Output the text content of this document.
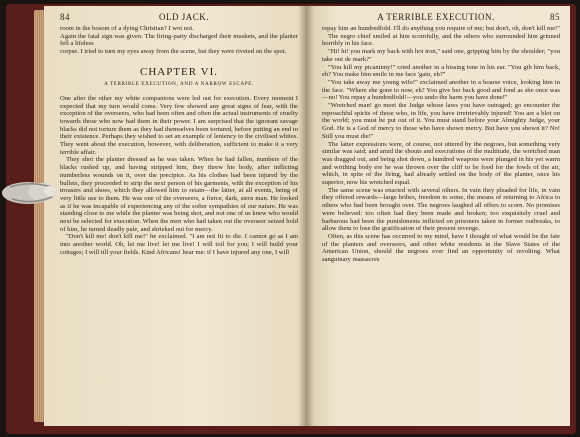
84	OLD JACK.

room in the bosom of a dying Christian? I wot not.

Again the fatal sign was given. The firing-party discharged their muskets, and the planter fell a lifeless

corpse. I tried to turn my eyes away from the scene, but they were riveted on the spot.

CHAPTER VI.
A TERRIBLE EXECUTION, AND A NARROW ESCAPE.

One after the other my white companions were led out for execution. Every moment I expected that my turn would come. Very few showed any great signs of fear, with the exception of the overseers, who had been often and often the actual instruments of cruelty towards those who now had them in their power. I am surprised that the ignorant savage blacks did not torture them as they had themselves been tortured, before putting an end to their existence. Perhaps they wished to set an example of leniency to the civilised whites. They went about the execution, however, with deliberation, sufficient to make it a very terrible affair.

They shot the planter dressed as he was taken. When he had fallen, numbers of the blacks rushed up, and having stripped him, they threw his body, after inflicting numberless wounds on it, over the precipice. As his clothes had been injured by the bullets, they proceeded to strip the next person of his garments, with the exception of his trousers and shoes, which they allowed him to retain—the latter, at all events, being of very little use to them. He was one of the overseers, a fierce, dark, stern man. He looked as if he was incapable of experiencing any of the softer sympathies of our nature. He was standing close to me while the planter was being shot, and not one of us knew who would next be selected for execution. When the men who had taken out the overseer seized hold of him, he turned deadly pale, and shrieked out for mercy.

"Don't kill me! don't kill me!" he exclaimed. "I am not fit to die. I cannot go as I am into another world. Oh, let me live! let me live! I will toil for you; I will build your cottages; I will till your fields. Kind Africans! hear me: if I have injured any one, I will

A TERRIBLE EXECUTION.	85

repay him an hundredfold. I'll do anything you require of me; but don't, oh, don't kill me!"

The negro chief smiled at him scornfully, and the others who surrounded him grinned horribly in his face.

"Hi! hi! you mark my back with hot iron," said one, gripping him by the shoulder; "you take out de mark?"

"You kill my picaninny!" cried another in a hissing tone in his ear. "You gib him back, eh? You make him smile in me face 'gain, eh?"

"You take away me young wife!" exclaimed another in a hoarse voice, looking him in the face. "Where she gone to now, eh? You give her back good and fond as she once was—no! You repay a hundredfold!—you undo the harm you have done!"

"Wretched man! go meet the Judge whose laws you have outraged; go encounter the reproachful spirits of those who, in life, you have irretrievably injured! You are a blot on the world; you must be put out of it. You must stand before your Almighty Judge, your God. He is a God of mercy to those who have shown mercy. But have you shown it? No! Still you must die!"

The latter expressions were, of course, not uttered by the negroes, but something very similar was said; and amid the shouts and execrations of the multitude, the wretched man was dragged out, and being shot down, a hundred weapons were plunged in his yet warm and writhing body ere he was thrown over the cliff to be food for the fowls of the air, which, in spite of the firing, had already settled on the body of the planter, once his superior, now his wretched equal.

The same scene was enacted with several others. In vain they pleaded for life, in vain they offered rewards—large bribes, freedom to some, the means of returning to Africa to others who had been brought over. The negroes laughed all offers to scorn. No promises were believed: too often had they been made and broken; too exquisitely cruel and barbarous had been the punishments inflicted on prisoners taken in former outbreaks, to allow them to lose the gratification of their present revenge.

Often, as this scene has occurred to my mind, have I thought of what would be the fate of the planters and overseers, and other white residents in the Slave States of the American Union, should the negroes ever find an opportunity of revolting. What sanguinary massacres
